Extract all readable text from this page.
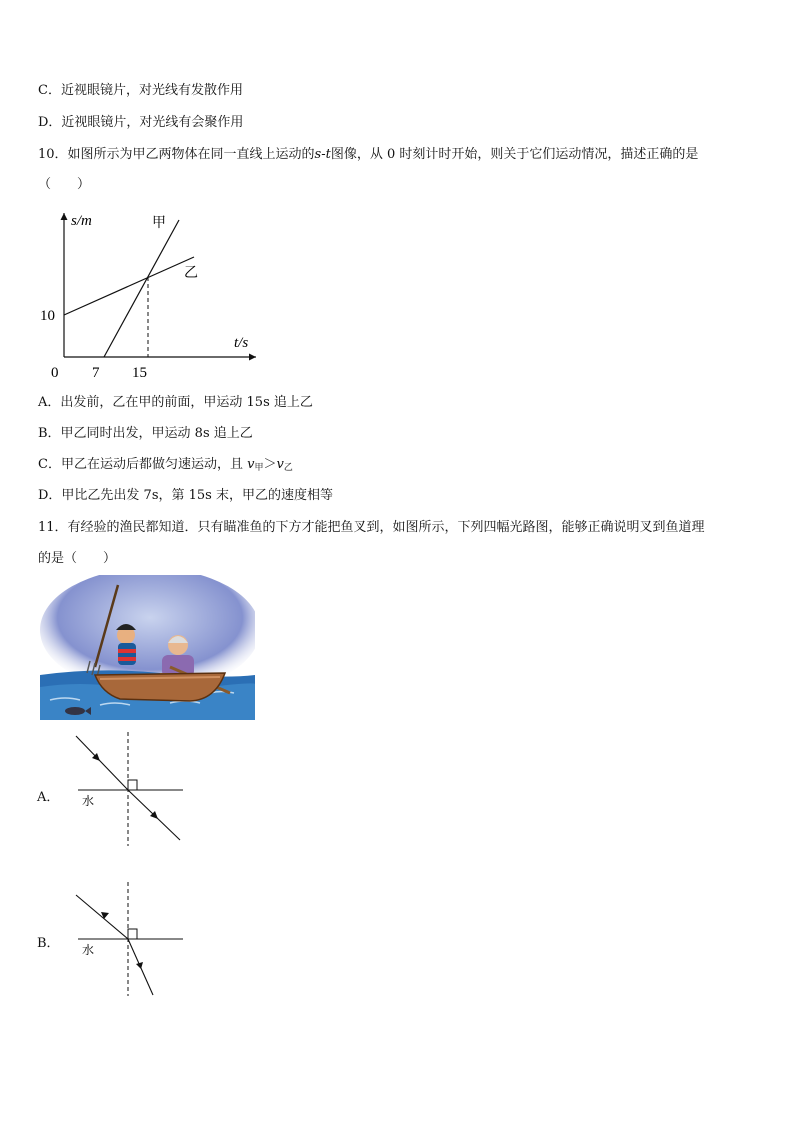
C．近视眼镜片，对光线有发散作用
D．近视眼镜片，对光线有会聚作用
10．如图所示为甲乙两物体在同一直线上运动的s-t图像，从 0 时刻计时开始，则关于它们运动情况，描述正确的是
（　　）
s/m
t/s
甲
乙
0
10
7 15
A．出发前，乙在甲的前面，甲运动 15s 追上乙
B．甲乙同时出发，甲运动 8s 追上乙
C．甲乙在运动后都做匀速运动，且 $v_甲>v_乙$
D．甲比乙先出发 7s，第 15s 末，甲乙的速度相等
11．有经验的渔民都知道．只有瞄准鱼的下方才能把鱼叉到，如图所示，下列四幅光路图，能够正确说明叉到鱼道理
的是（　　）
A． 水
B． 水
